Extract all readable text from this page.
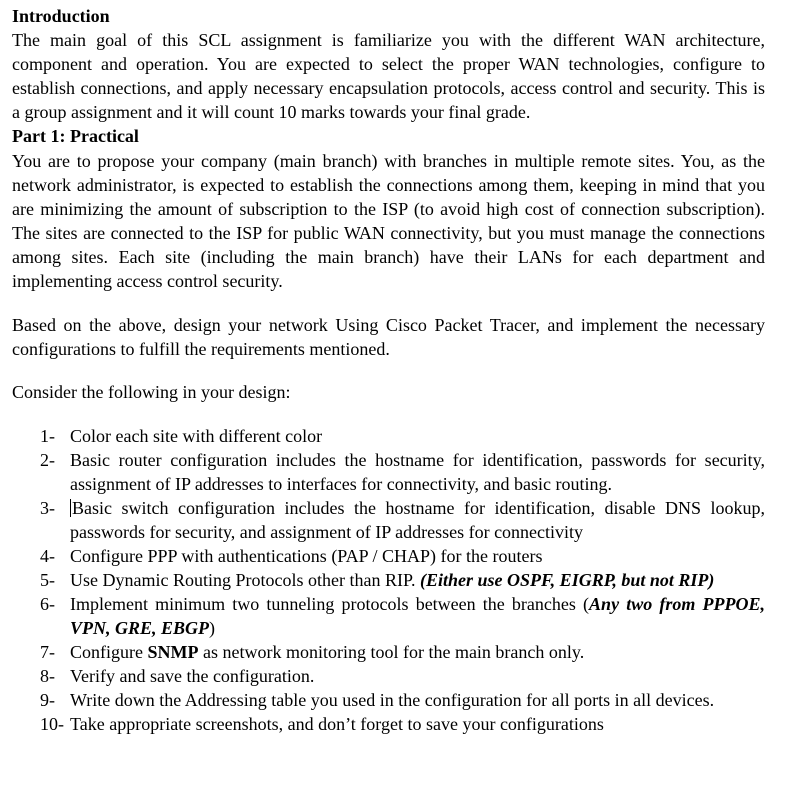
Introduction

The main goal of this SCL assignment is familiarize you with the different WAN architecture, component and operation. You are expected to select the proper WAN technologies, configure to establish connections, and apply necessary encapsulation protocols, access control and security. This is a group assignment and it will count 10 marks towards your final grade.

Part 1: Practical

You are to propose your company (main branch) with branches in multiple remote sites. You, as the network administrator, is expected to establish the connections among them, keeping in mind that you are minimizing the amount of subscription to the ISP (to avoid high cost of connection subscription). The sites are connected to the ISP for public WAN connectivity, but you must manage the connections among sites. Each site (including the main branch) have their LANs for each department and implementing access control security.

Based on the above, design your network Using Cisco Packet Tracer, and implement the necessary configurations to fulfill the requirements mentioned.

Consider the following in your design:

1- Color each site with different color
2- Basic router configuration includes the hostname for identification, passwords for security, assignment of IP addresses to interfaces for connectivity, and basic routing.
3- Basic switch configuration includes the hostname for identification, disable DNS lookup, passwords for security, and assignment of IP addresses for connectivity
4- Configure PPP with authentications (PAP / CHAP) for the routers
5- Use Dynamic Routing Protocols other than RIP. (Either use OSPF, EIGRP, but not RIP)
6- Implement minimum two tunneling protocols between the branches (Any two from PPPOE, VPN, GRE, EBGP)
7- Configure SNMP as network monitoring tool for the main branch only.
8- Verify and save the configuration.
9- Write down the Addressing table you used in the configuration for all ports in all devices.
10- Take appropriate screenshots, and don’t forget to save your configurations
